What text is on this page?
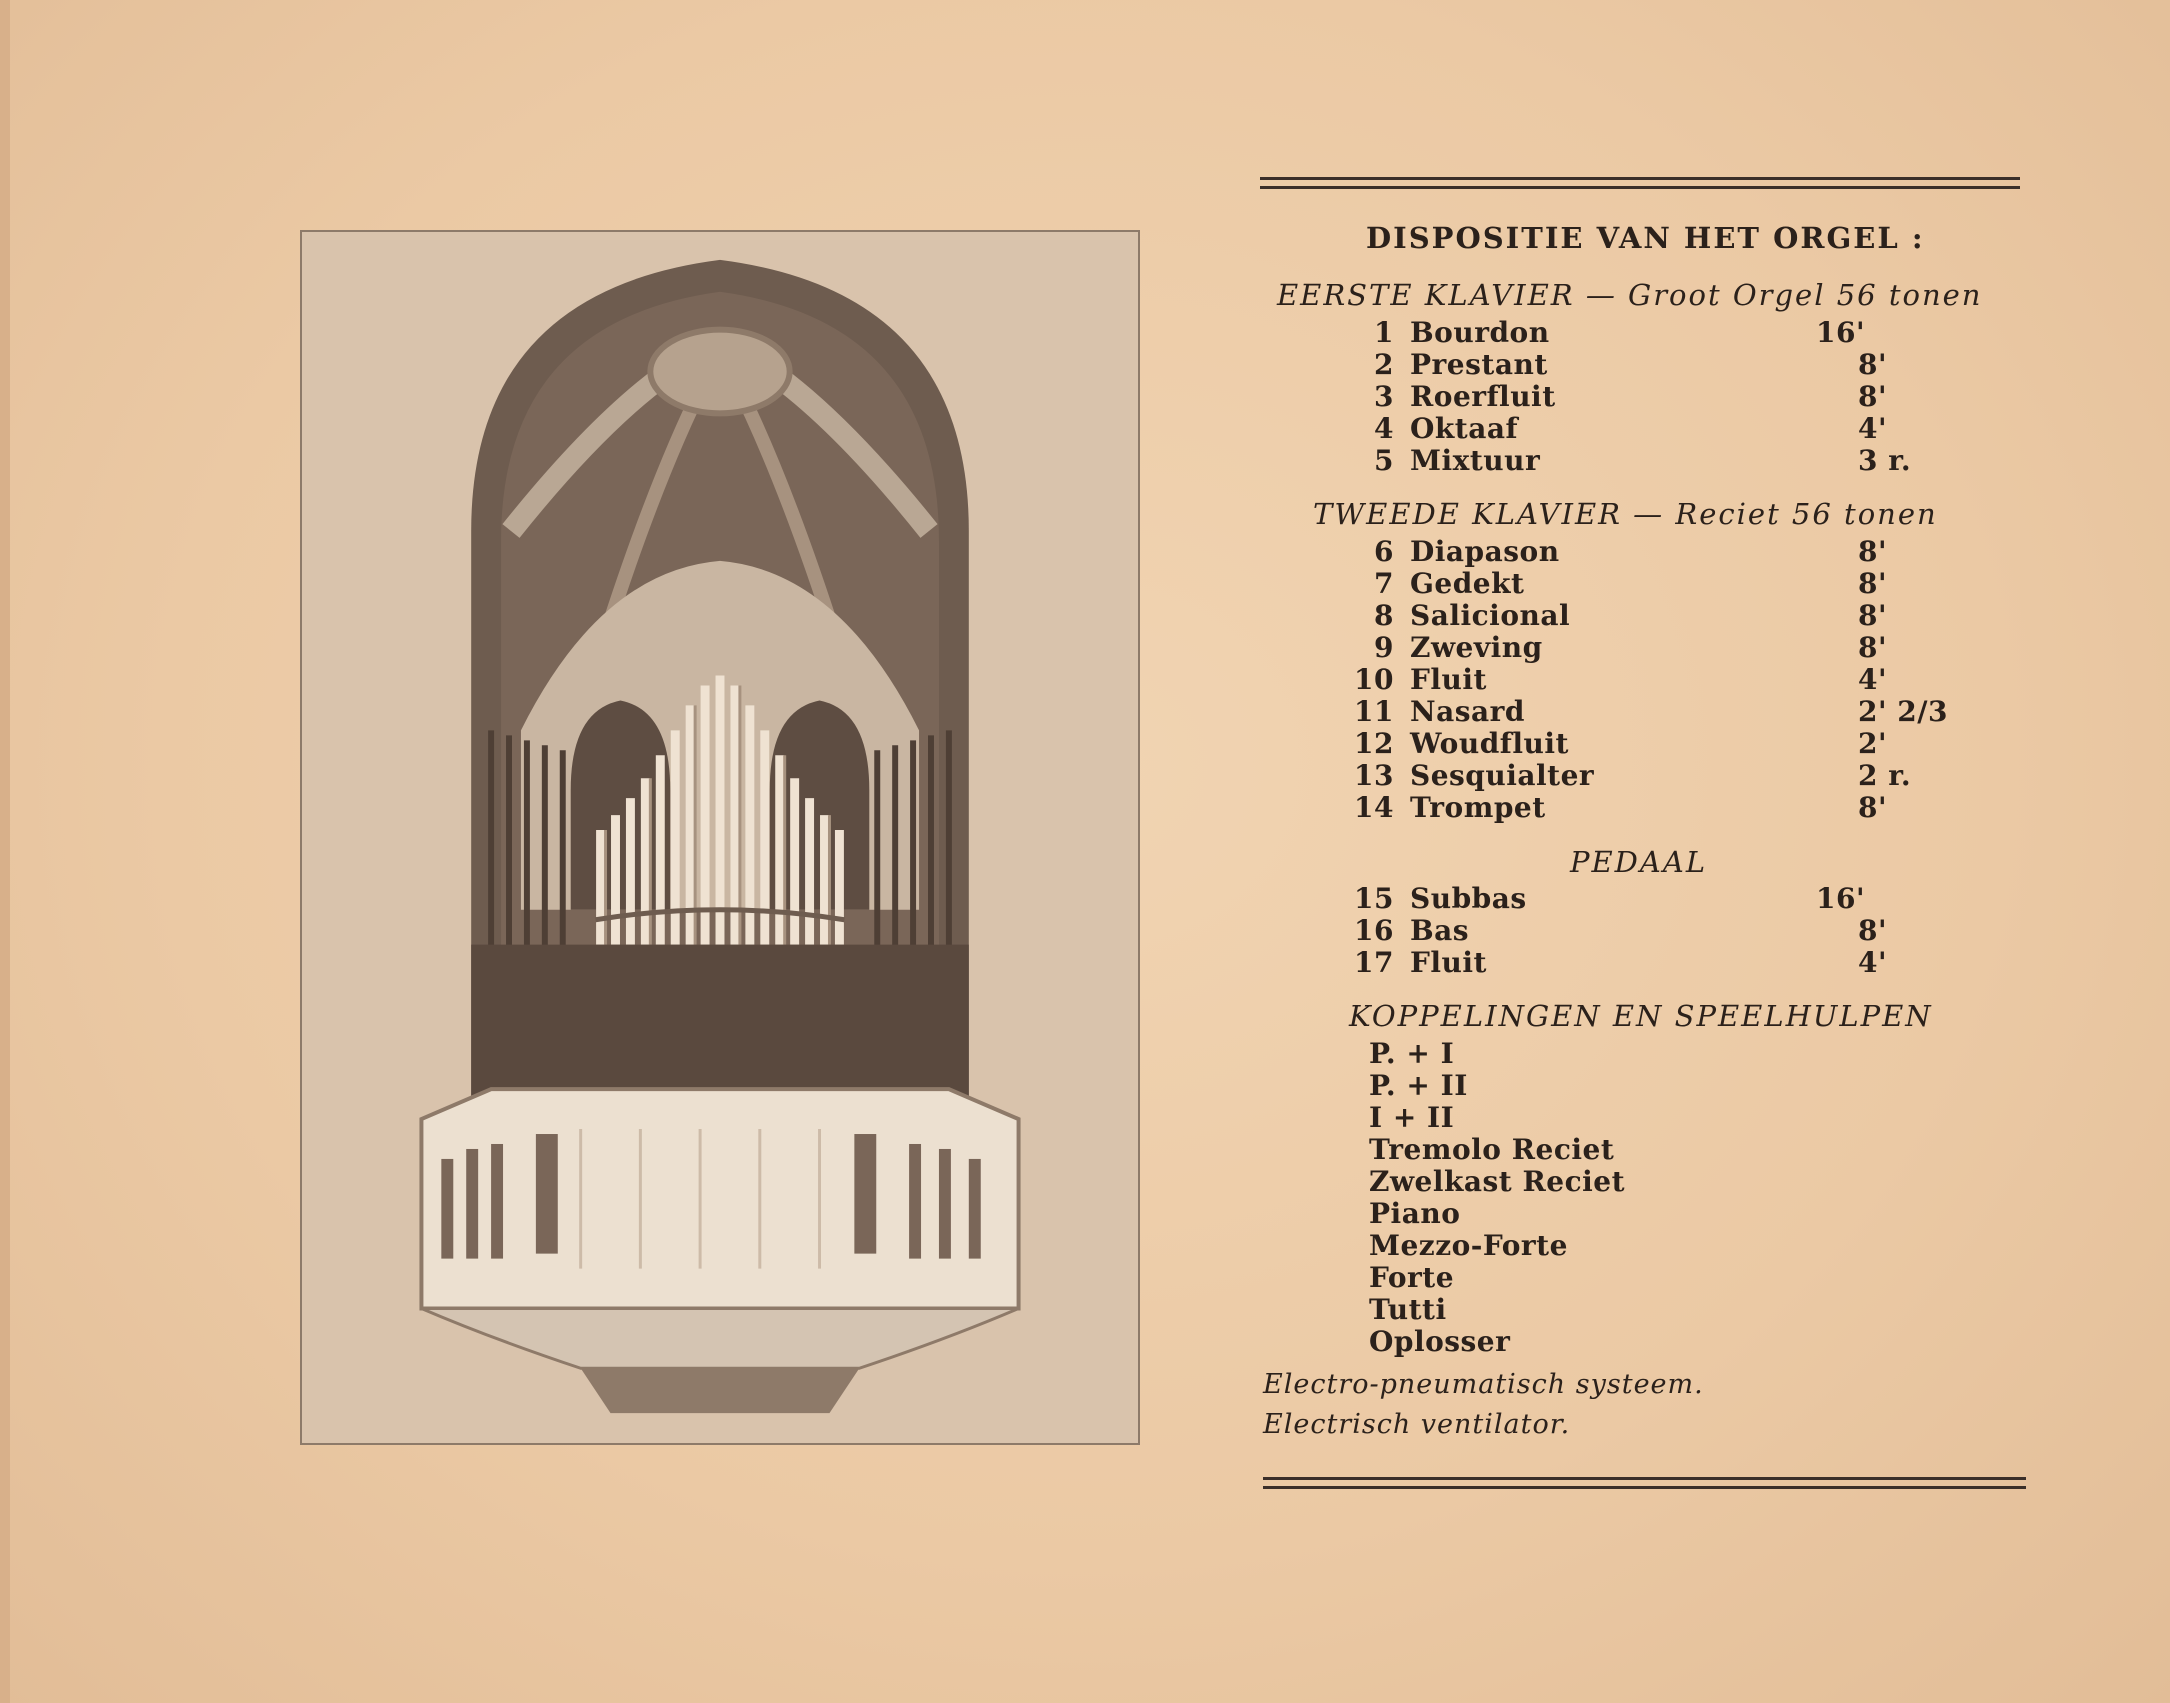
DISPOSITIE VAN HET ORGEL :
EERSTE KLAVIER — Groot Orgel 56 tonen
1 Bourdon	16'
2 Prestant	8'
3 Roerfluit	8'
4 Oktaaf	4'
5 Mixtuur	3 r.
TWEEDE KLAVIER — Reciet 56 tonen
6 Diapason	8'
7 Gedekt	8'
8 Salicional	8'
9 Zweving	8'
10 Fluit	4'
11 Nasard	2' 2/3
12 Woudfluit	2'
13 Sesquialter	2 r.
14 Trompet	8'
PEDAAL
15 Subbas	16'
16 Bas	8'
17 Fluit	4'
KOPPELINGEN EN SPEELHULPEN
P. + I
P. + II
I + II
Tremolo Reciet
Zwelkast Reciet
Piano
Mezzo-Forte
Forte
Tutti
Oplosser
Electro-pneumatisch systeem.
Electrisch ventilator.
